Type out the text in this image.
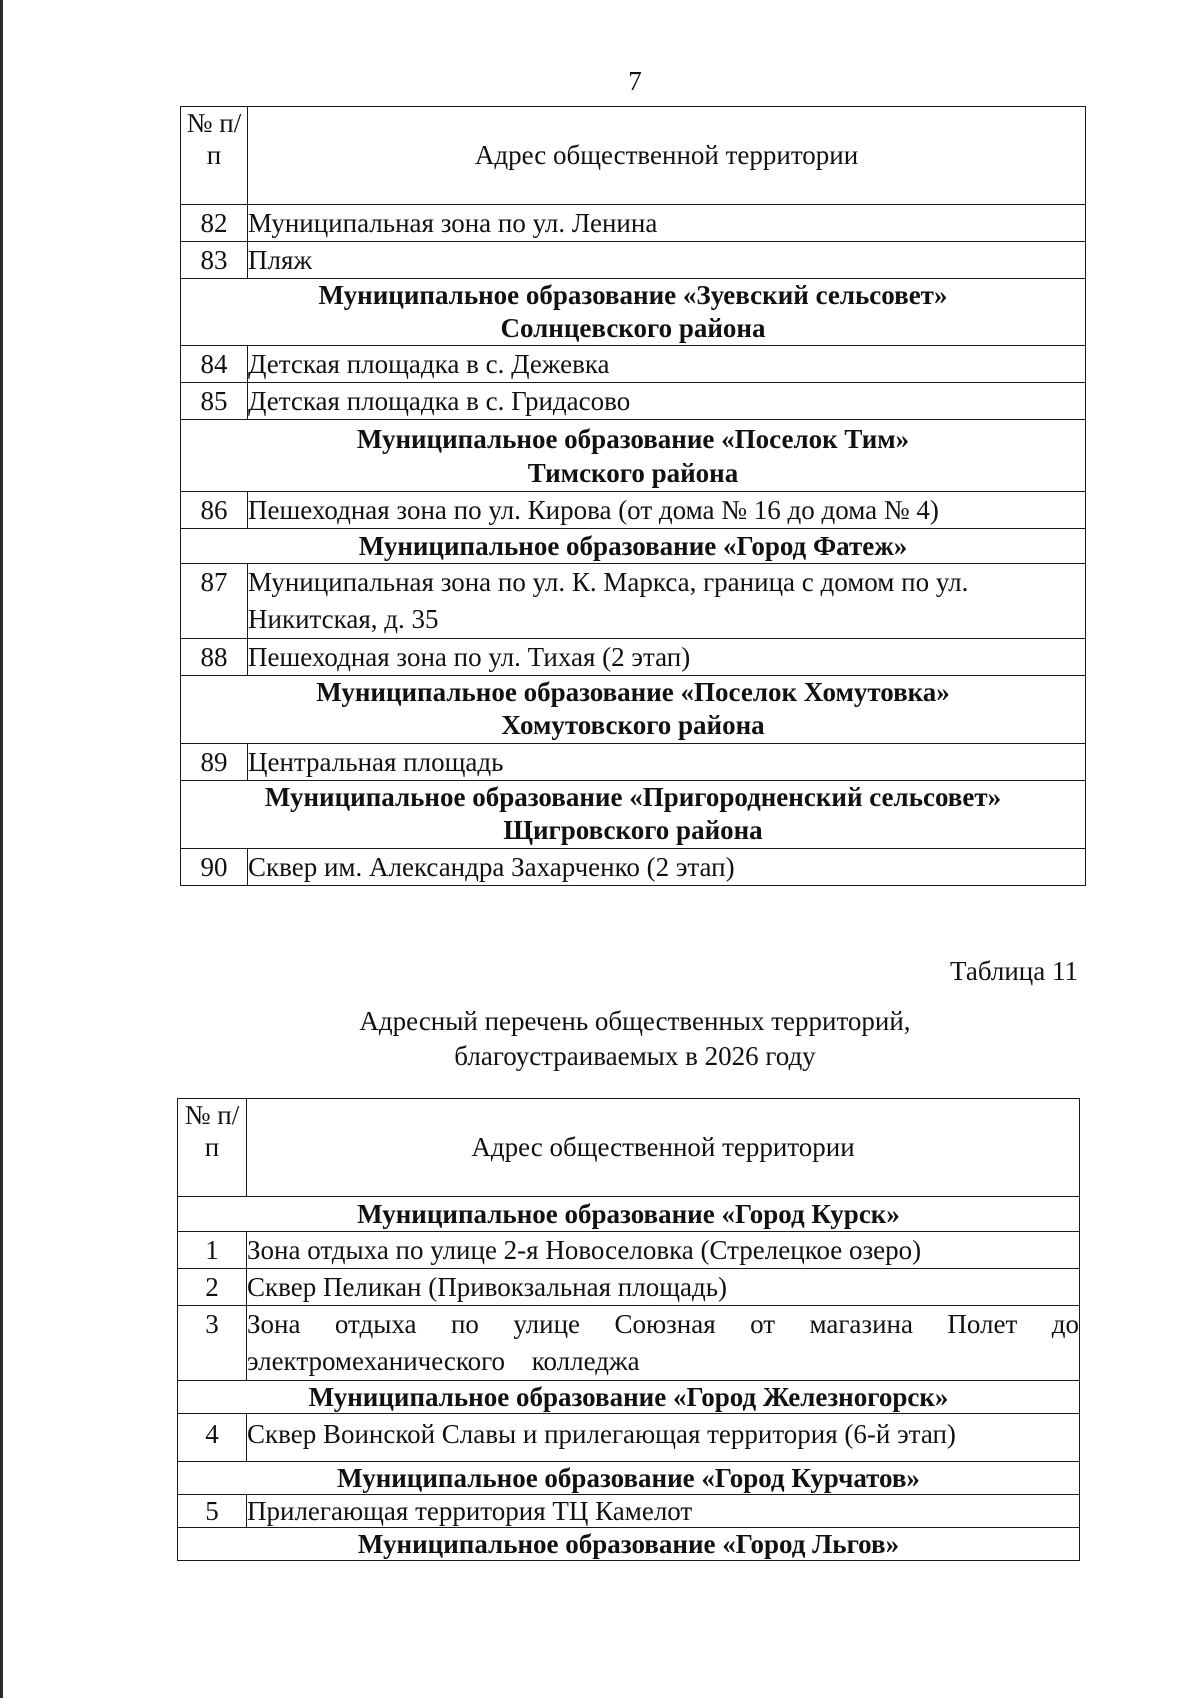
7
№ п/п	Адрес общественной территории
82	Муниципальная зона по ул. Ленина
83	Пляж

Муниципальное образование «Зуевский сельсовет»
Солнцевского района	

84	Детская площадка в с. Дежевка
85	Детская площадка в с. Гридасово

Муниципальное образование «Поселок Тим»
Тимского района	

86	Пешеходная зона по ул. Кирова (от дома № 16 до дома № 4)

Муниципальное образование «Город Фатеж»	

87	Муниципальная зона по ул. К. Маркса, граница с домом по ул. Никитская, д. 35
88	Пешеходная зона по ул. Тихая (2 этап)

Муниципальное образование «Поселок Хомутовка»
Хомутовского района	

89	Центральная площадь

Муниципальное образование «Пригородненский сельсовет»
Щигровского района	

90	Сквер им. Александра Захарченко (2 этап)
Таблица 11
Адресный перечень общественных территорий,
благоустраиваемых в 2026 году
№ п/п	Адрес общественной территории

Муниципальное образование «Город Курск»	

1	Зона отдыха по улице 2-я Новоселовка (Стрелецкое озеро)
2	Сквер Пеликан (Привокзальная площадь)
3	Зона отдыха по улице Союзная от магазина Полет до электромеханического колледжа

Муниципальное образование «Город Железногорск»	

4	Сквер Воинской Славы и прилегающая территория (6-й этап)

Муниципальное образование «Город Курчатов»	

5	Прилегающая территория ТЦ Камелот

Муниципальное образование «Город Льгов»	
